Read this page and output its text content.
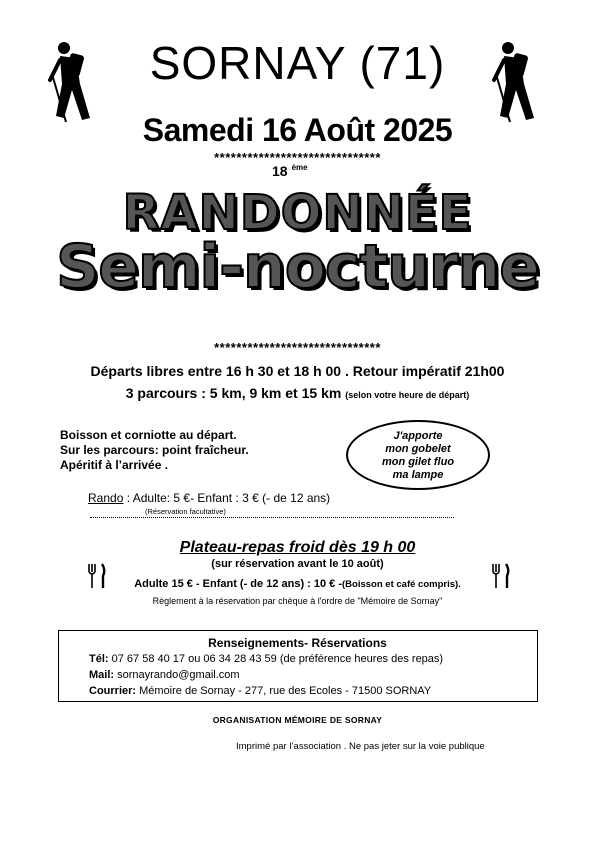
SORNAY (71)
Samedi 16 Août 2025
******************************
18 $^{ème}$
RANDONNÉE
Semi-nocturne
******************************
Départs libres entre 16 h 30 et 18 h 00 . Retour impératif 21h00
3 parcours : 5 km, 9 km et 15 km (selon votre heure de départ)
Boisson et corniotte au départ.
Sur les parcours: point fraîcheur.
Apéritif à l’arrivée .
J'apporte
mon gobelet
mon gilet fluo
ma lampe
Rando : Adulte: 5 €- Enfant : 3 € (- de 12 ans)
(Réservation facultative)
Plateau-repas froid dès 19 h 00
(sur réservation avant le 10 août)
Adulte 15 € - Enfant (- de 12 ans) : 10 € -(Boisson et café compris).
Règlement à la réservation par chèque à l'ordre de "Mémoire de Sornay"
Renseignements- Réservations
Tél: 07 67 58 40 17 ou 06 34 28 43 59 (de préférence heures des repas)
Mail: sornayrando@gmail.com
Courrier: Mémoire de Sornay - 277, rue des Ecoles - 71500 SORNAY
ORGANISATION MÉMOIRE DE SORNAY
Imprimé par l’association . Ne pas jeter sur la voie publique
